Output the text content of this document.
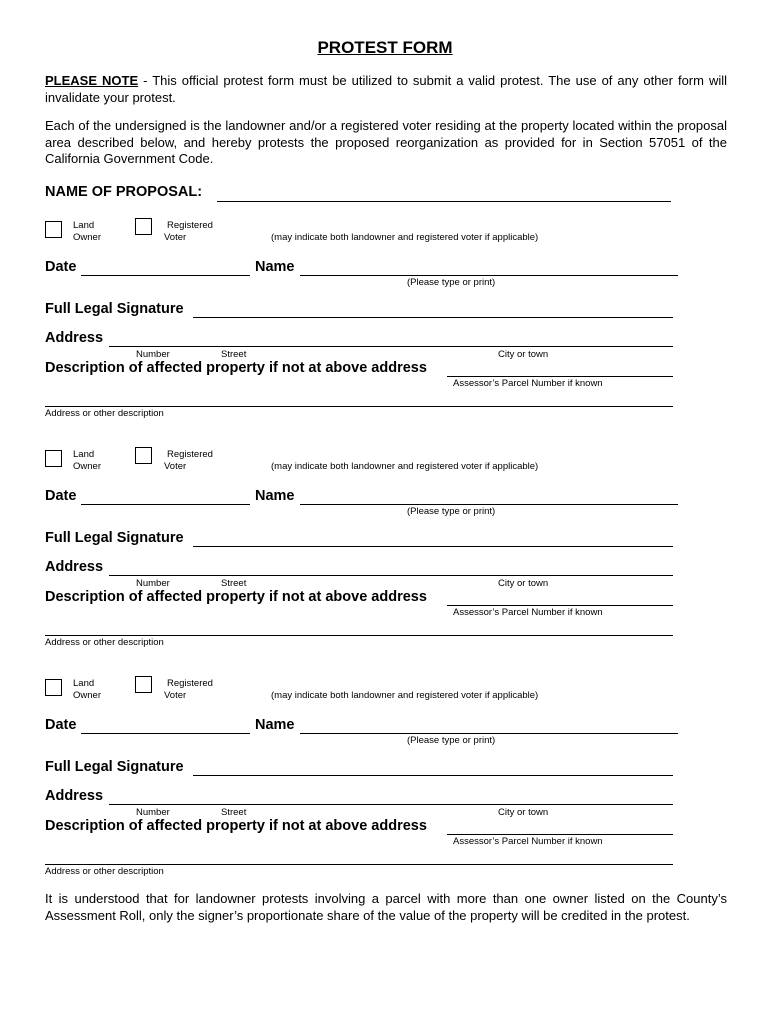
PROTEST FORM
PLEASE NOTE - This official protest form must be utilized to submit a valid protest. The use of any other form will invalidate your protest.
Each of the undersigned is the landowner and/or a registered voter residing at the property located within the proposal area described below, and hereby protests the proposed reorganization as provided for in Section 57051 of the California Government Code.
NAME OF PROPOSAL:
Land
Owner
Registered
Voter	(may indicate both landowner and registered voter if applicable)
Date	Name
(Please type or print)
Full Legal Signature
Address
Number	Street	City or town
Description of affected property if not at above address
Assessor’s Parcel Number if known
Address or other description
Land
Owner
Registered
Voter	(may indicate both landowner and registered voter if applicable)
Date	Name
(Please type or print)
Full Legal Signature
Address
Number	Street	City or town
Description of affected property if not at above address
Assessor’s Parcel Number if known
Address or other description
Land
Owner
Registered
Voter	(may indicate both landowner and registered voter if applicable)
Date	Name
(Please type or print)
Full Legal Signature
Address
Number	Street	City or town
Description of affected property if not at above address
Assessor’s Parcel Number if known
Address or other description
It is understood that for landowner protests involving a parcel with more than one owner listed on the County’s Assessment Roll, only the signer’s proportionate share of the value of the property will be credited in the protest.
